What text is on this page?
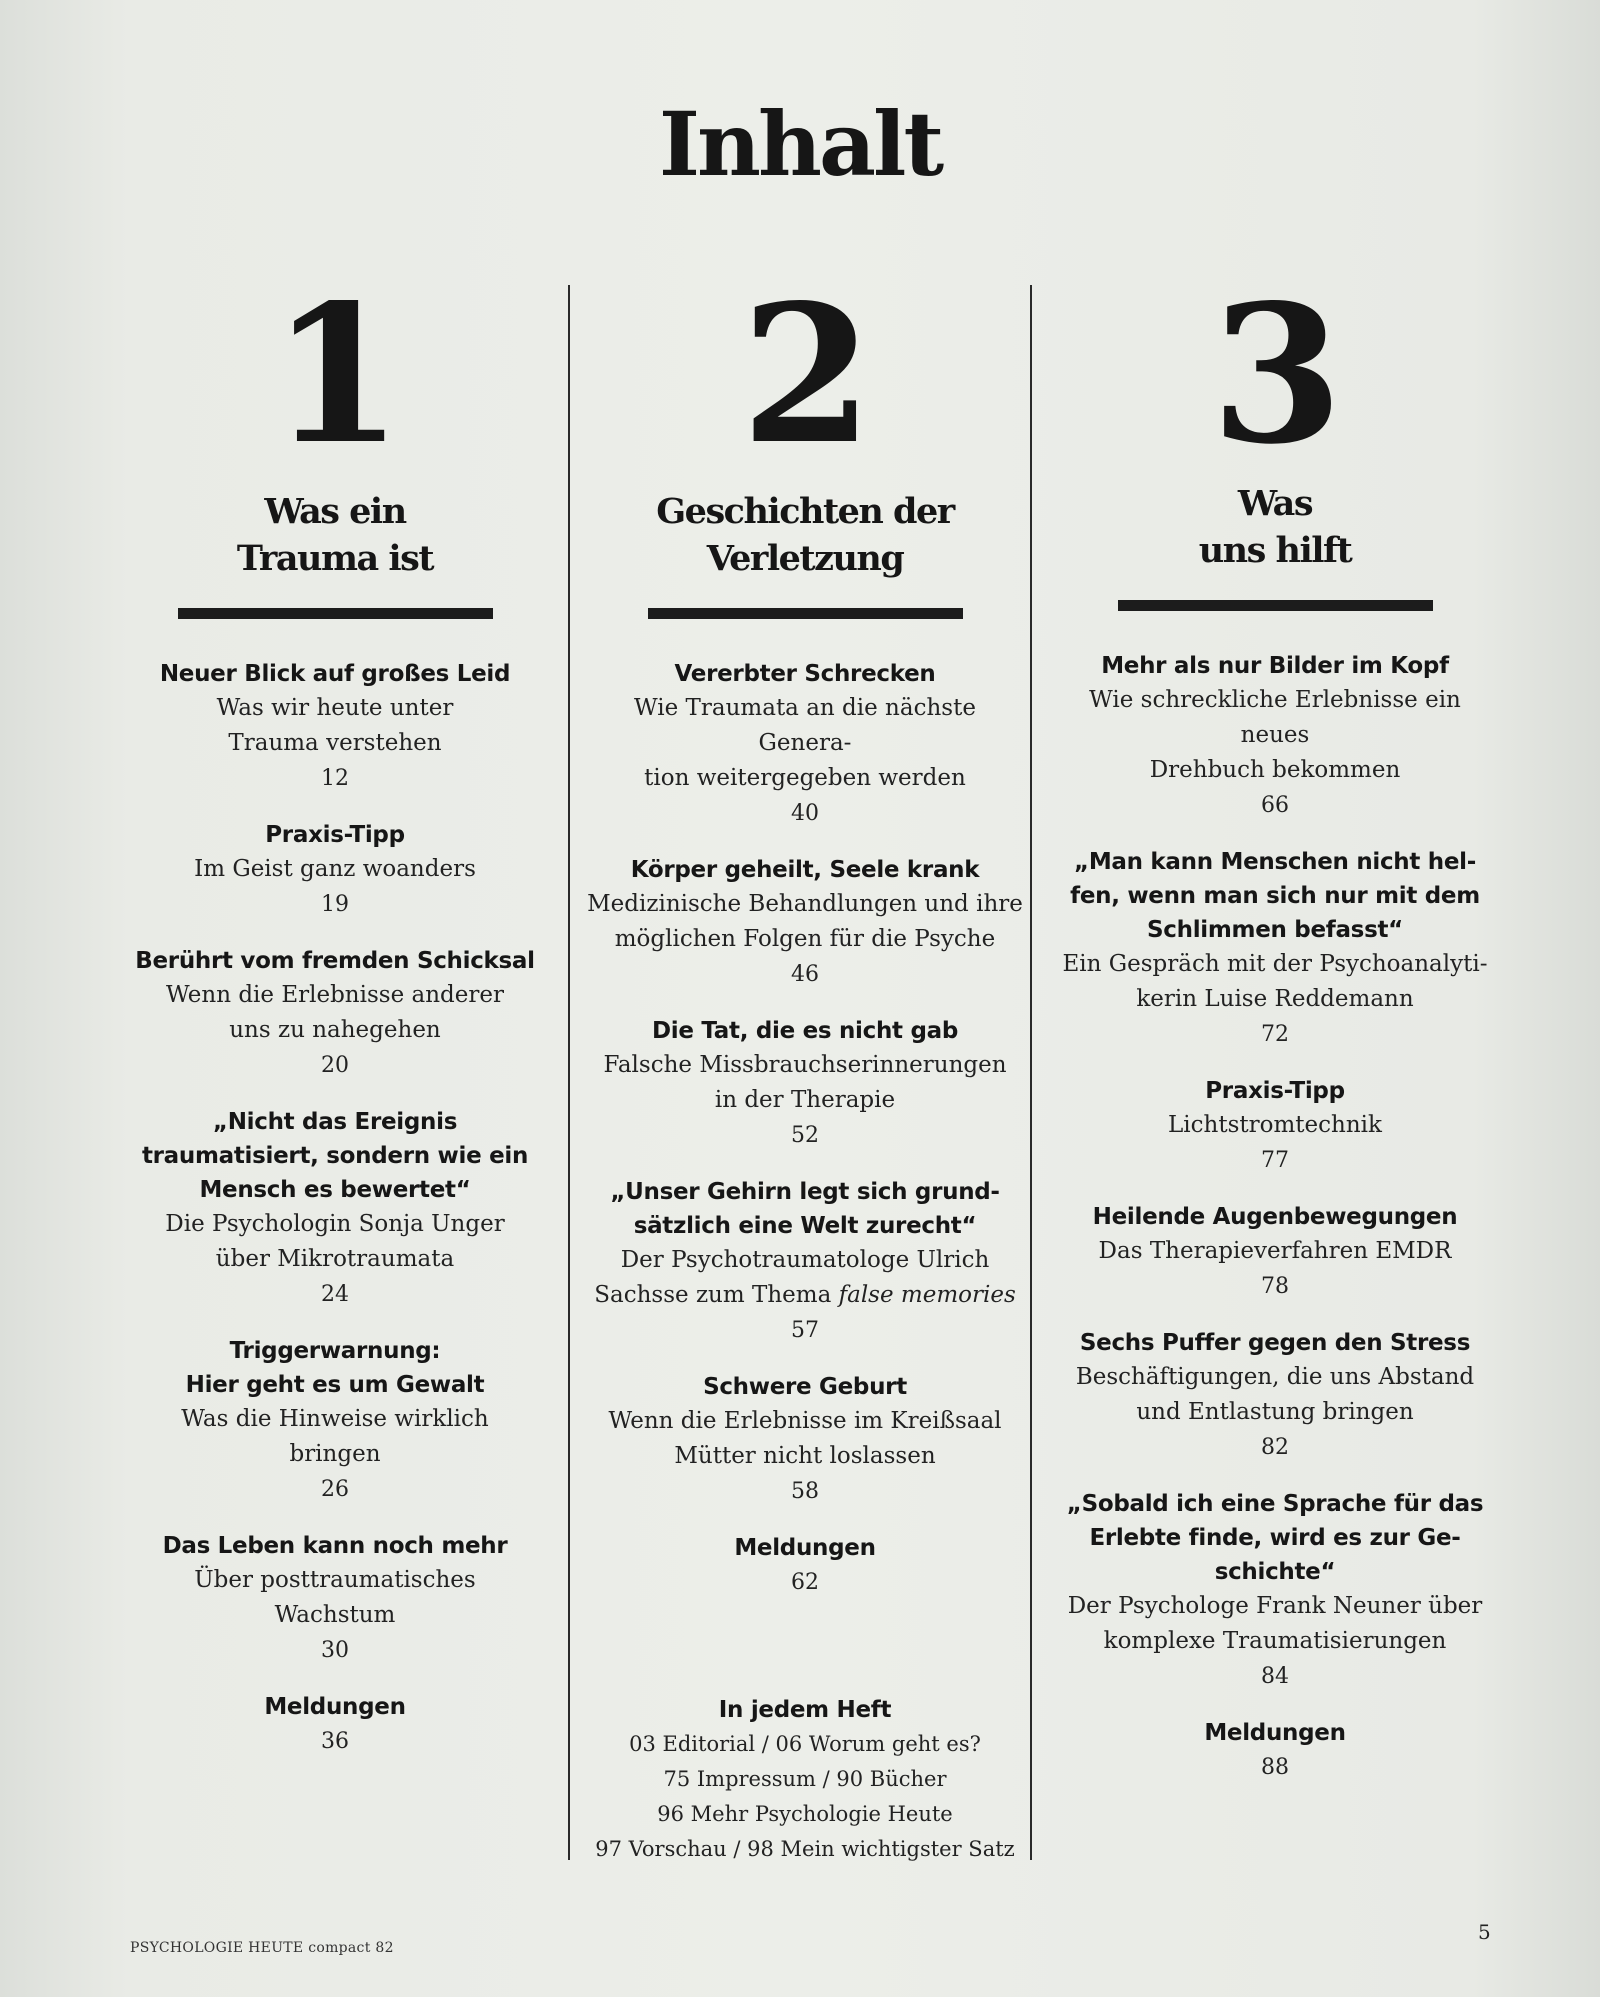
Inhalt
1
Was ein
Trauma ist
Neuer Blick auf großes Leid
Was wir heute unter
Trauma verstehen
12
Praxis-Tipp
Im Geist ganz woanders
19
Berührt vom fremden Schicksal
Wenn die Erlebnisse anderer
uns zu nahegehen
20
„Nicht das Ereignis
traumatisiert, sondern wie ein
Mensch es bewertet“
Die Psychologin Sonja Unger
über Mikrotraumata
24
Triggerwarnung:
Hier geht es um Gewalt
Was die Hinweise wirklich bringen
26
Das Leben kann noch mehr
Über posttraumatisches Wachstum
30
Meldungen
36
2
Geschichten der
Verletzung
Vererbter Schrecken
Wie Traumata an die nächste Genera-
tion weitergegeben werden
40
Körper geheilt, Seele krank
Medizinische Behandlungen und ihre
möglichen Folgen für die Psyche
46
Die Tat, die es nicht gab
Falsche Missbrauchserinnerungen
in der Therapie
52
„Unser Gehirn legt sich grund-
sätzlich eine Welt zurecht“
Der Psychotraumatologe Ulrich
Sachsse zum Thema false memories
57
Schwere Geburt
Wenn die Erlebnisse im Kreißsaal
Mütter nicht loslassen
58
Meldungen
62
3
Was
uns hilft
Mehr als nur Bilder im Kopf
Wie schreckliche Erlebnisse ein neues
Drehbuch bekommen
66
„Man kann Menschen nicht hel-
fen, wenn man sich nur mit dem
Schlimmen befasst“
Ein Gespräch mit der Psychoanalyti-
kerin Luise Reddemann
72
Praxis-Tipp
Lichtstromtechnik
77
Heilende Augenbewegungen
Das Therapieverfahren EMDR
78
Sechs Puffer gegen den Stress
Beschäftigungen, die uns Abstand
und Entlastung bringen
82
„Sobald ich eine Sprache für das
Erlebte finde, wird es zur Ge-
schichte“
Der Psychologe Frank Neuner über
komplexe Traumatisierungen
84
Meldungen
88
In jedem Heft
03 Editorial / 06 Worum geht es?
75 Impressum / 90 Bücher
96 Mehr Psychologie Heute
97 Vorschau / 98 Mein wichtigster Satz
PSYCHOLOGIE HEUTE compact 82
5
